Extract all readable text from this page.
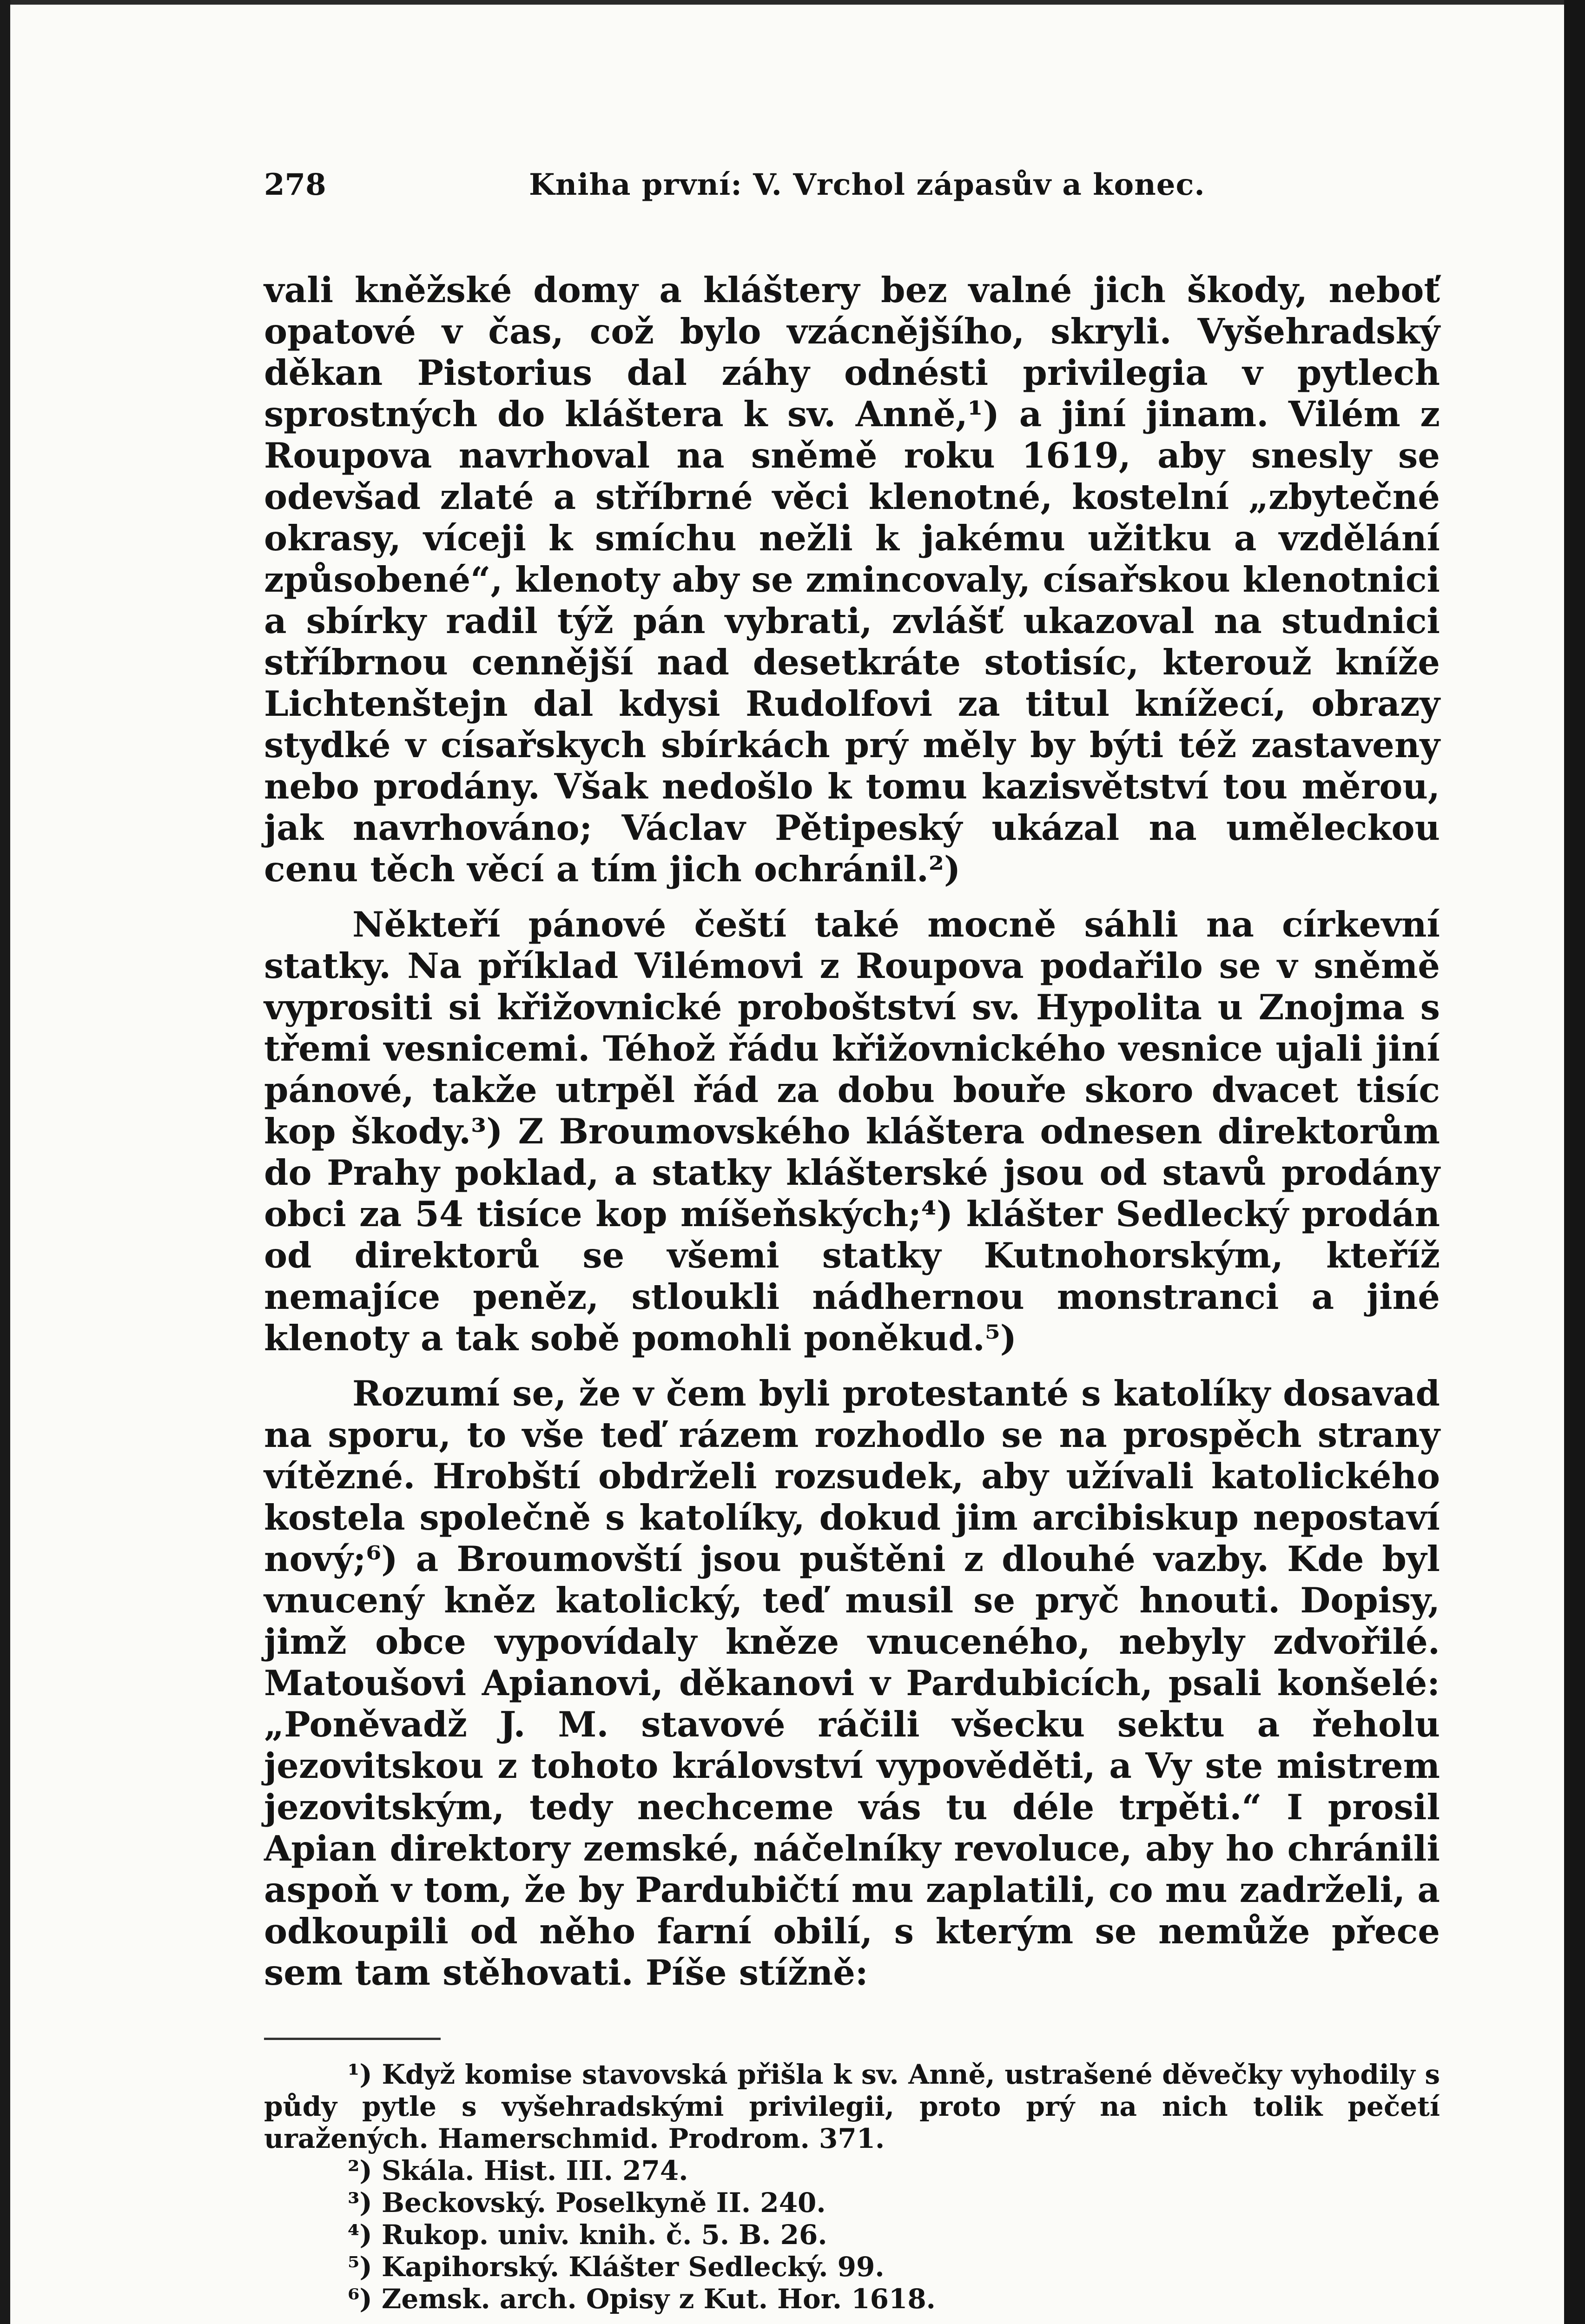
278	Kniha první: V. Vrchol zápasův a konec.

vali kněžské domy a kláštery bez valné jich škody, neboť opatové v čas, což bylo vzácnějšího, skryli. Vyšehradský děkan Pistorius dal záhy odnésti privilegia v pytlech sprostných do kláštera k sv. Anně,¹) a jiní jinam. Vilém z Roupova navrhoval na sněmě roku 1619, aby snesly se odevšad zlaté a stříbrné věci klenotné, kostelní „zbytečné okrasy, víceji k smíchu nežli k jakému užitku a vzdělání způsobené“, klenoty aby se zmincovaly, císařskou klenotnici a sbírky radil týž pán vybrati, zvlášť ukazoval na studnici stříbrnou cennější nad desetkráte stotisíc, kterouž kníže Lichtenštejn dal kdysi Rudolfovi za titul knížecí, obrazy stydké v císařskych sbírkách prý měly by býti též zastaveny nebo prodány. Však nedošlo k tomu kazisvětství tou měrou, jak navrhováno; Václav Pětipeský ukázal na uměleckou cenu těch věcí a tím jich ochránil.²)

Někteří pánové čeští také mocně sáhli na církevní statky. Na příklad Vilémovi z Roupova podařilo se v sněmě vyprositi si křižovnické proboštství sv. Hypolita u Znojma s třemi vesnicemi. Téhož řádu křižovnického vesnice ujali jiní pánové, takže utrpěl řád za dobu bouře skoro dvacet tisíc kop škody.³) Z Broumovského kláštera odnesen direktorům do Prahy poklad, a statky klášterské jsou od stavů prodány obci za 54 tisíce kop míšeňských;⁴) klášter Sedlecký prodán od direktorů se všemi statky Kutnohorským, kteříž nemajíce peněz, stloukli nádhernou monstranci a jiné klenoty a tak sobě pomohli poněkud.⁵)

Rozumí se, že v čem byli protestanté s katolíky dosavad na sporu, to vše teď rázem rozhodlo se na prospěch strany vítězné. Hrobští obdrželi rozsudek, aby užívali katolického kostela společně s katolíky, dokud jim arcibiskup nepostaví nový;⁶) a Broumovští jsou puštěni z dlouhé vazby. Kde byl vnucený kněz katolický, teď musil se pryč hnouti. Dopisy, jimž obce vypovídaly kněze vnuceného, nebyly zdvořilé. Matoušovi Apianovi, děkanovi v Pardubicích, psali konšelé: „Poněvadž J. M. stavové ráčili všecku sektu a řeholu jezovitskou z tohoto království vypověděti, a Vy ste mistrem jezovitským, tedy nechceme vás tu déle trpěti.“ I prosil Apian direktory zemské, náčelníky revoluce, aby ho chránili aspoň v tom, že by Pardubičtí mu zaplatili, co mu zadrželi, a odkoupili od něho farní obilí, s kterým se nemůže přece sem tam stěhovati. Píše stížně:

¹) Když komise stavovská přišla k sv. Anně, ustrašené děvečky vyhodily s půdy pytle s vyšehradskými privilegii, proto prý na nich tolik pečetí uražených. Hamerschmid. Prodrom. 371.

²) Skála. Hist. III. 274.

³) Beckovský. Poselkyně II. 240.

⁴) Rukop. univ. knih. č. 5. B. 26.

⁵) Kapihorský. Klášter Sedlecký. 99.

⁶) Zemsk. arch. Opisy z Kut. Hor. 1618.
